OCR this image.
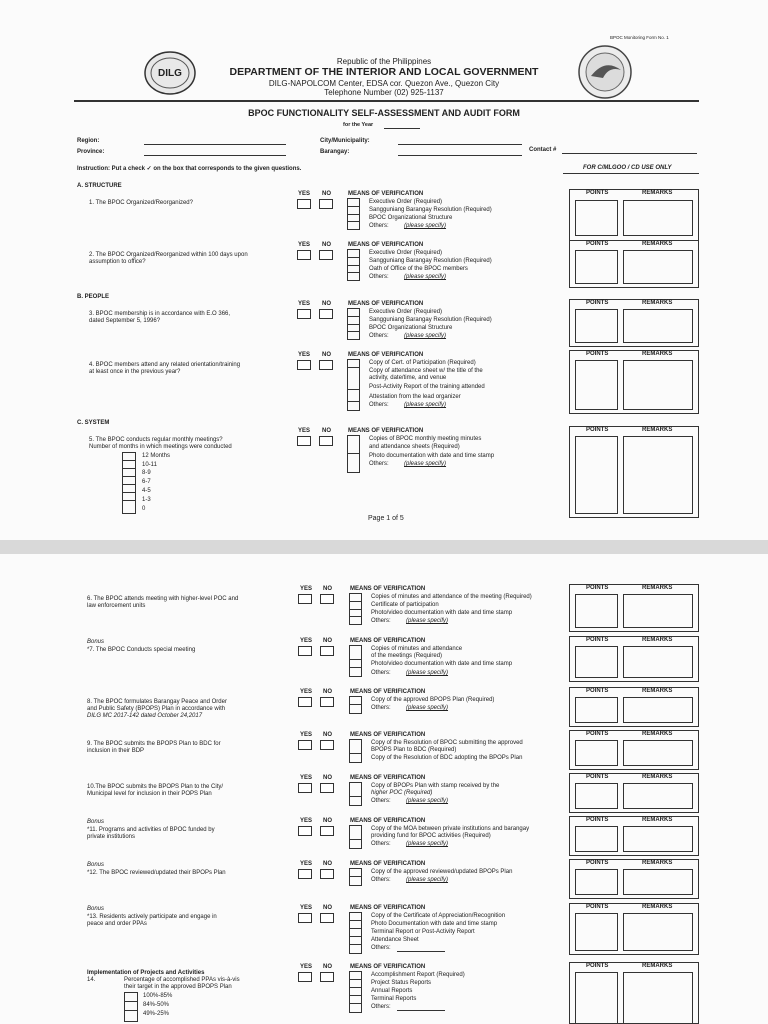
BPOC Monitoring Form No. 1
DILG
Republic of the Philippines
DEPARTMENT OF THE INTERIOR AND LOCAL GOVERNMENT
DILG-NAPOLCOM Center, EDSA cor. Quezon Ave., Quezon City
Telephone Number (02) 925-1137
BPOC FUNCTIONALITY SELF-ASSESSMENT AND AUDIT FORM
for the Year
Region:
Province:
City/Municipality:
Barangay:	Contact #
Instruction: Put a check ✓ on the box that corresponds to the given questions.	FOR C/MLGOO / CD USE ONLY
A. STRUCTURE
1. The BPOC Organized/Reorganized?
YES NO	MEANS OF VERIFICATION
Executive Order (Required)
Sangguniang Barangay Resolution (Required)
BPOC Organizational Structure
Others:	(please specify)
POINTS	REMARKS
2. The BPOC Organized/Reorganized within 100 days upon
assumption to office?
YES NO	MEANS OF VERIFICATION
Executive Order (Required)
Sangguniang Barangay Resolution (Required)
Oath of Office of the BPOC members
Others:	(please specify)
POINTS	REMARKS
B. PEOPLE
3. BPOC membership is in accordance with E.O 366,
dated September 5, 1996?
YES NO	MEANS OF VERIFICATION
Executive Order (Required)
Sangguniang Barangay Resolution (Required)
BPOC Organizational Structure
Others:	(please specify)
POINTS	REMARKS
4. BPOC members attend any related orientation/training
at least once in the previous year?
YES NO	MEANS OF VERIFICATION
Copy of Cert. of Participation (Required)
Copy of attendance sheet w/ the title of the
activity, date/time, and venue
Post-Activity Report of the training attended
Attestation from the lead organizer
Others:	(please specify)
POINTS	REMARKS
C. SYSTEM
5. The BPOC conducts regular monthly meetings?
Number of months in which meetings were conducted
12 Months
10-11
8-9
6-7
4-5
1-3
0
YES NO	MEANS OF VERIFICATION
Copies of BPOC monthly meeting minutes
and attendance sheets (Required)
Photo documentation with date and time stamp
Others:	(please specify)
POINTS	REMARKS
Page 1 of 5
6. The BPOC attends meeting with higher-level POC and
law enforcement units
YES NO	MEANS OF VERIFICATION
Copies of minutes and attendance of the meeting (Required)
Certificate of participation
Photo/video documentation with date and time stamp
Others:	(please specify)
POINTS	REMARKS
Bonus
*7. The BPOC Conducts special meeting
YES NO	MEANS OF VERIFICATION
Copies of minutes and attendance
of the meetings (Required)
Photo/video documentation with date and time stamp
Others:	(please specify)
POINTS	REMARKS
8. The BPOC formulates Barangay Peace and Order
and Public Safety (BPOPS) Plan in accordance with
DILG MC 2017-142 dated October 24,2017
YES NO	MEANS OF VERIFICATION
Copy of the approved BPOPS Plan (Required)
Others:	(please specify)
POINTS	REMARKS
9. The BPOC submits the BPOPS Plan to BDC for
inclusion in their BDP
YES NO	MEANS OF VERIFICATION
Copy of the Resolution of BPOC submitting the approved
BPOPS Plan to BDC (Required)
Copy of the Resolution of BDC adopting the BPOPs Plan
POINTS	REMARKS
10.The BPOC submits the BPOPS Plan to the City/
Municipal level for inclusion in their POPS Plan
YES NO	MEANS OF VERIFICATION
Copy of BPOPs Plan with stamp received by the
higher POC (Required)
Others:	(please specify)
POINTS	REMARKS
Bonus
*11. Programs and activities of BPOC funded by
private institutions
YES NO	MEANS OF VERIFICATION
Copy of the MOA between private institutions and barangay
providing fund for BPOC activities (Required)
Others:	(please specify)
POINTS	REMARKS
Bonus
*12. The BPOC reviewed/updated their BPOPs Plan
YES NO	MEANS OF VERIFICATION
Copy of the approved reviewed/updated BPOPs Plan
Others:	(please specify)
POINTS	REMARKS
Bonus
*13. Residents actively participate and engage in
peace and order PPAs
YES NO	MEANS OF VERIFICATION
Copy of the Certificate of Appreciation/Recognition
Photo Documentation with date and time stamp
Terminal Report or Post-Activity Report
Attendance Sheet
Others:
POINTS	REMARKS
Implementation of Projects and Activities
14.	Percentage of accomplished PPAs vis-à-vis
their target in the approved BPOPS Plan
100%-85%
84%-50%
49%-25%
YES NO	MEANS OF VERIFICATION
Accomplishment Report (Required)
Project Status Reports
Annual Reports
Terminal Reports
Others:
POINTS	REMARKS
